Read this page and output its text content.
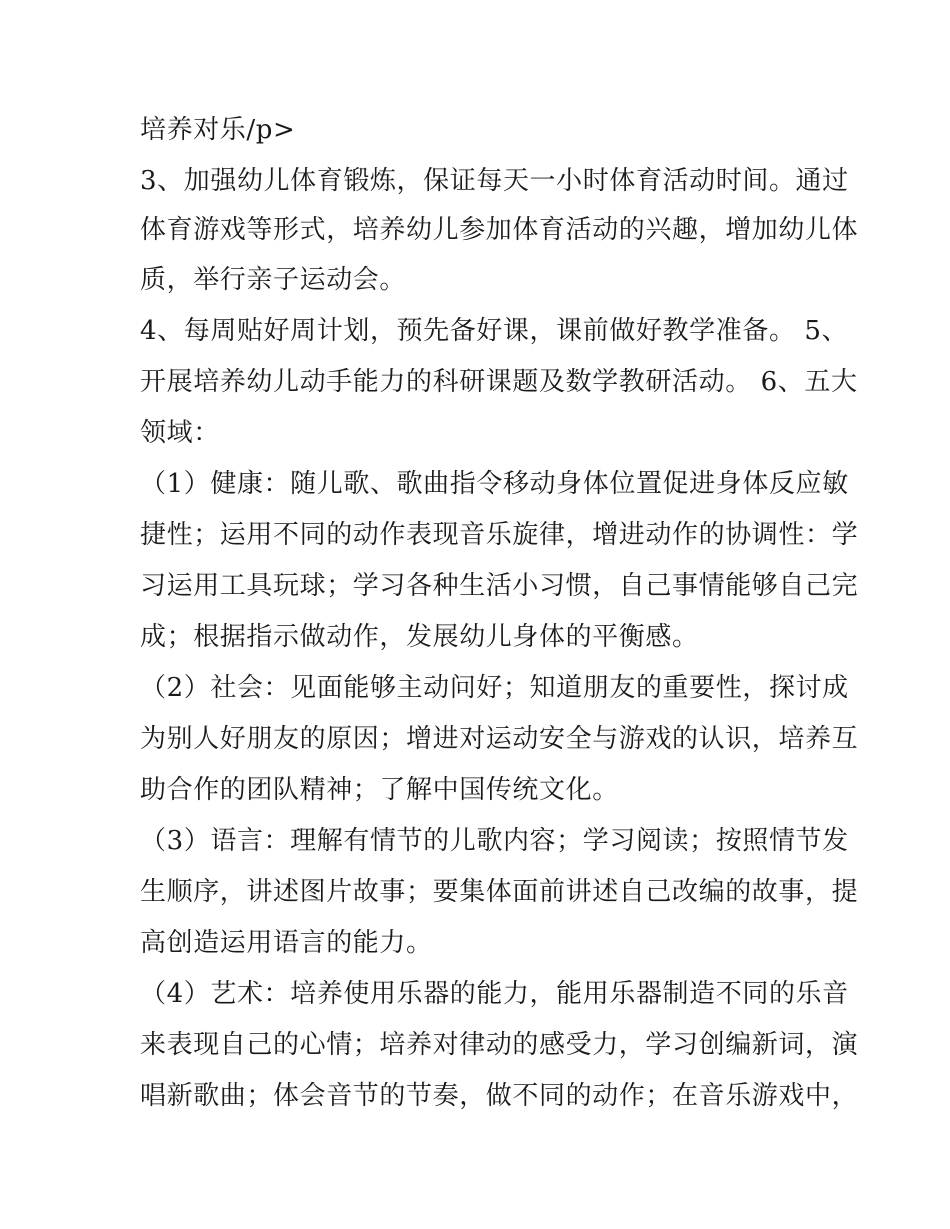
培养对乐/p>
3、加强幼儿体育锻炼，保证每天一小时体育活动时间。通过
体育游戏等形式，培养幼儿参加体育活动的兴趣，增加幼儿体
质，举行亲子运动会。
4、每周贴好周计划，预先备好课，课前做好教学准备。 5、
开展培养幼儿动手能力的科研课题及数学教研活动。 6、五大
领域：
（1）健康：随儿歌、歌曲指令移动身体位置促进身体反应敏
捷性；运用不同的动作表现音乐旋律，增进动作的协调性：学
习运用工具玩球；学习各种生活小习惯，自己事情能够自己完
成；根据指示做动作，发展幼儿身体的平衡感。
（2）社会：见面能够主动问好；知道朋友的重要性，探讨成
为别人好朋友的原因；增进对运动安全与游戏的认识，培养互
助合作的团队精神；了解中国传统文化。
（3）语言：理解有情节的儿歌内容；学习阅读；按照情节发
生顺序，讲述图片故事；要集体面前讲述自己改编的故事，提
高创造运用语言的能力。
（4）艺术：培养使用乐器的能力，能用乐器制造不同的乐音
来表现自己的心情；培养对律动的感受力，学习创编新词，演
唱新歌曲；体会音节的节奏，做不同的动作；在音乐游戏中，
